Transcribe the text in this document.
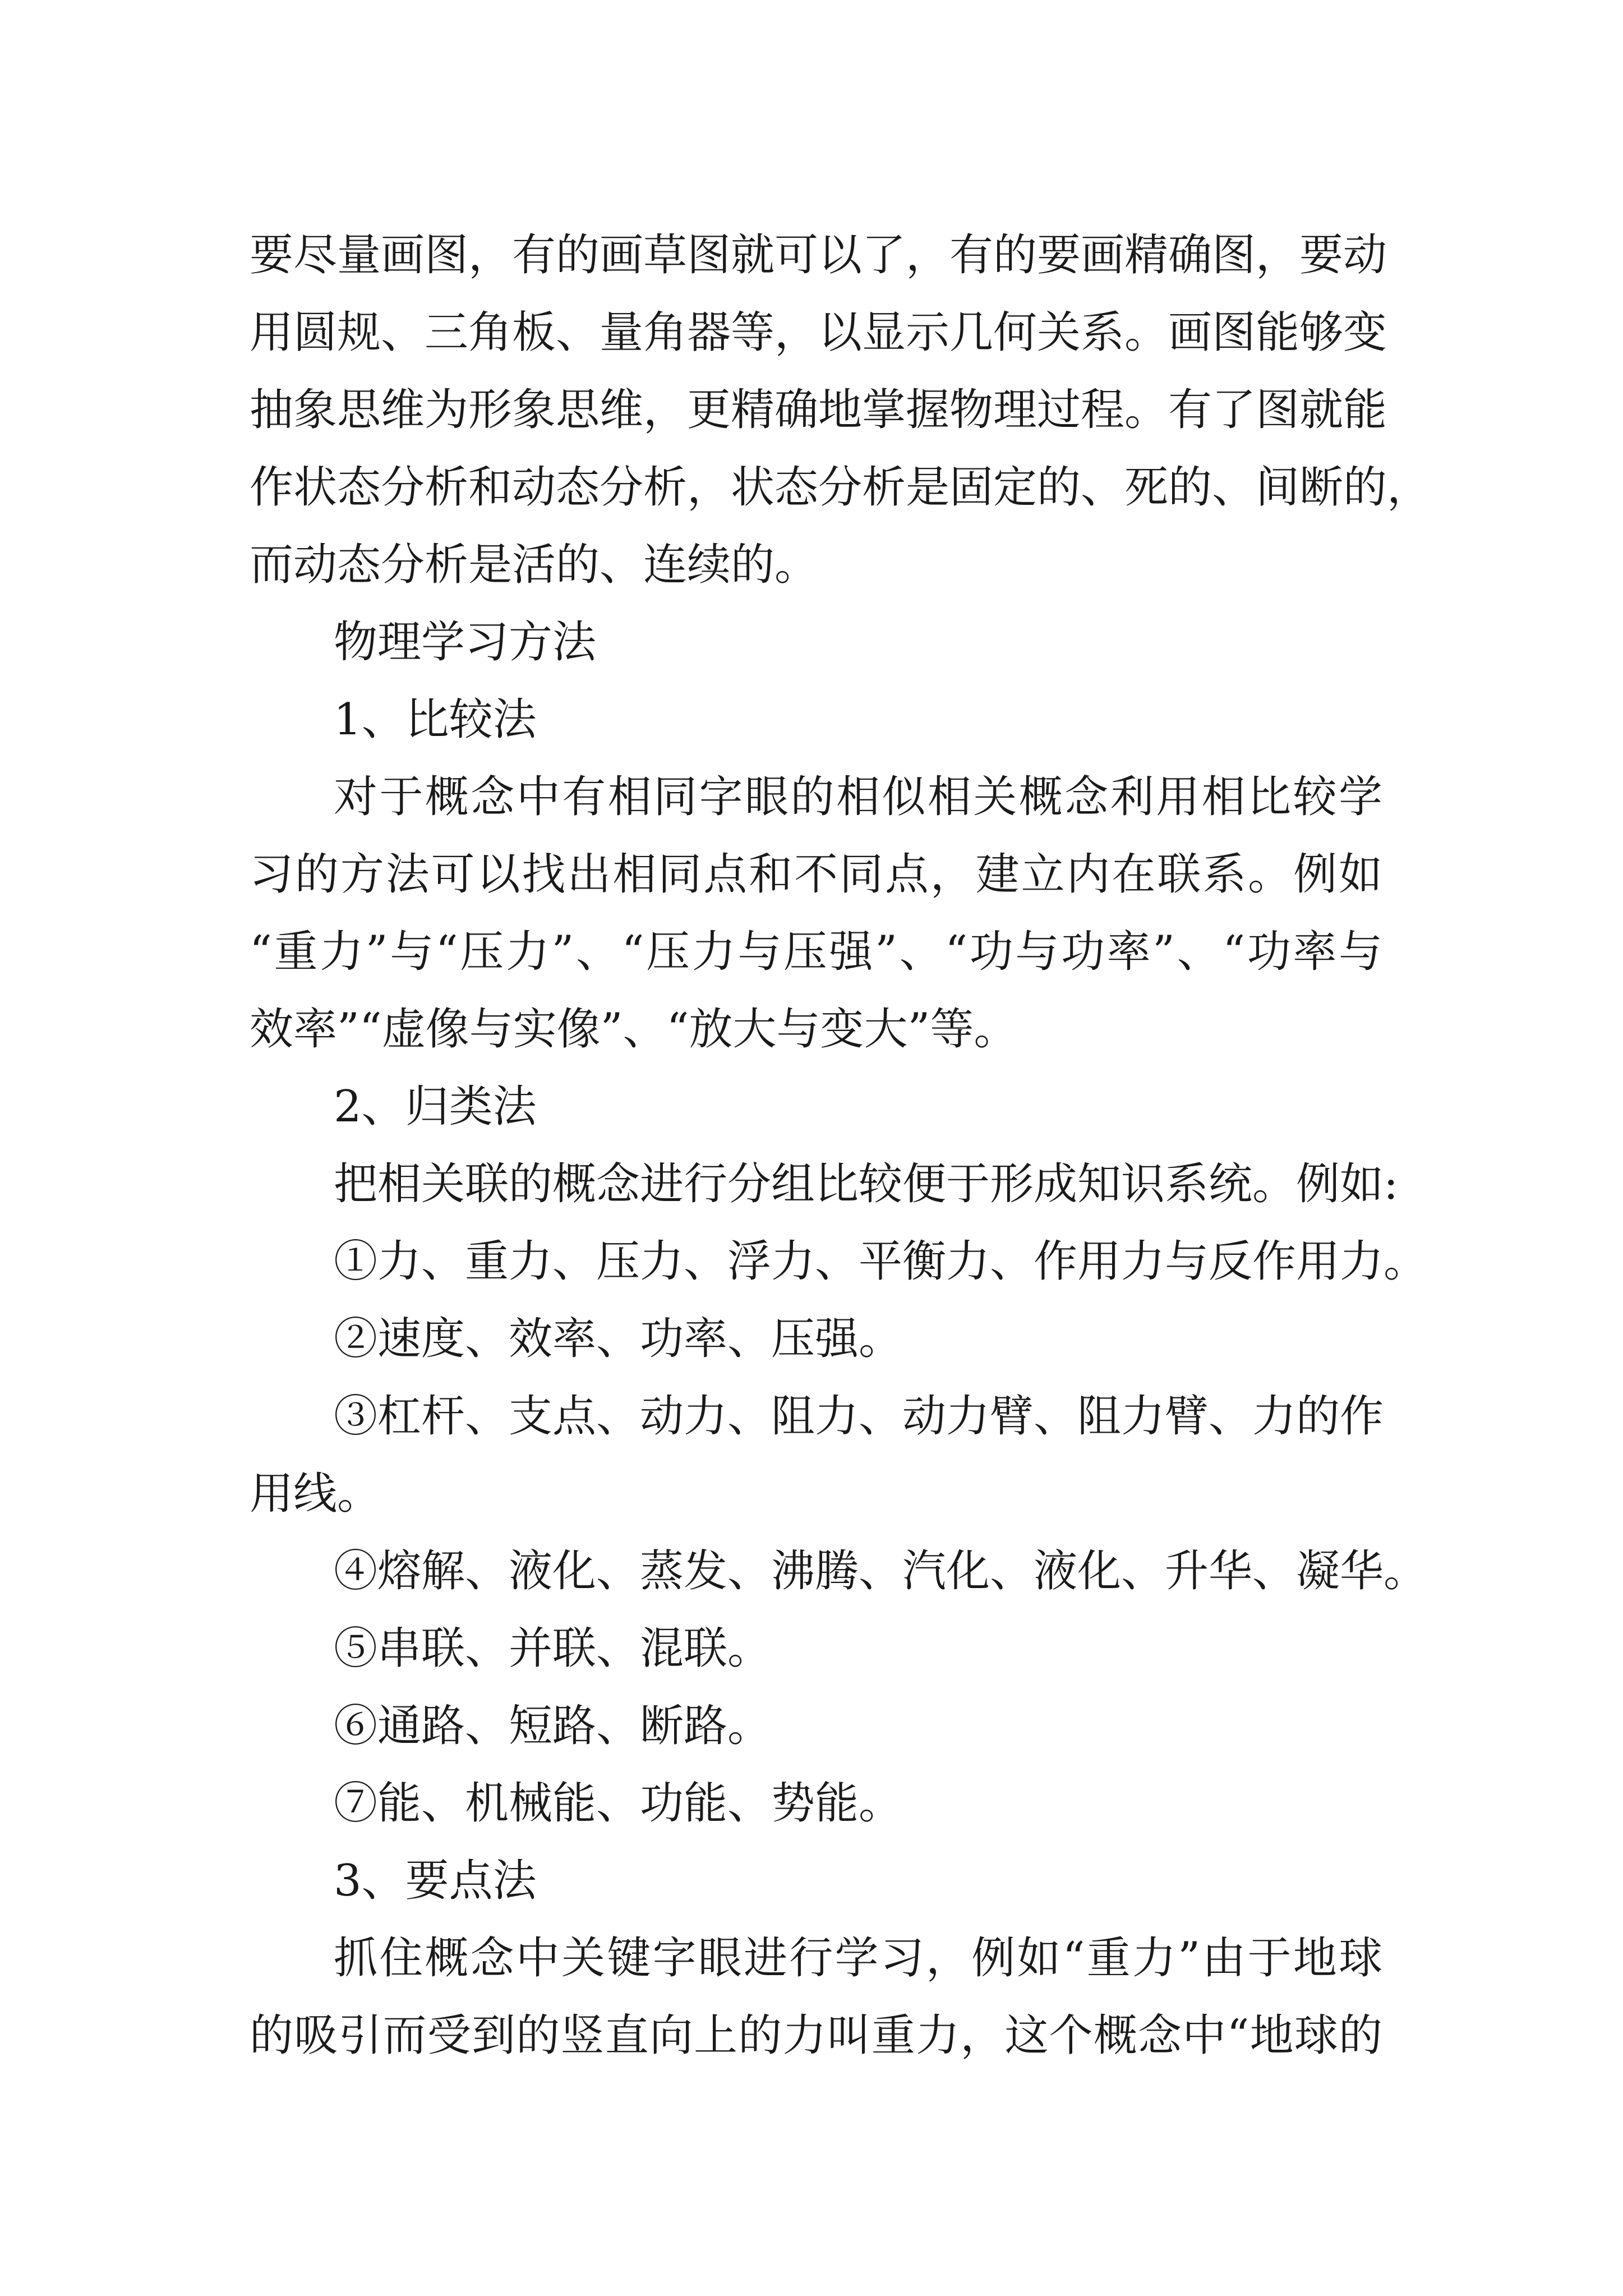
要尽量画图，有的画草图就可以了，有的要画精确图，要动
用圆规、三角板、量角器等，以显示几何关系。画图能够变
抽象思维为形象思维，更精确地掌握物理过程。有了图就能
作状态分析和动态分析，状态分析是固定的、死的、间断的，
而动态分析是活的、连续的。
物理学习方法
1、比较法
对于概念中有相同字眼的相似相关概念利用相比较学
习的方法可以找出相同点和不同点，建立内在联系。例如
“重力”与“压力”、“压力与压强”、“功与功率”、“功率与
效率”“虚像与实像”、“放大与变大”等。
2、归类法
把相关联的概念进行分组比较便于形成知识系统。例如:
①力、重力、压力、浮力、平衡力、作用力与反作用力。
②速度、效率、功率、压强。
③杠杆、支点、动力、阻力、动力臂、阻力臂、力的作
用线。
④熔解、液化、蒸发、沸腾、汽化、液化、升华、凝华。
⑤串联、并联、混联。
⑥通路、短路、断路。
⑦能、机械能、功能、势能。
3、要点法
抓住概念中关键字眼进行学习，例如“重力”由于地球
的吸引而受到的竖直向上的力叫重力，这个概念中“地球的
